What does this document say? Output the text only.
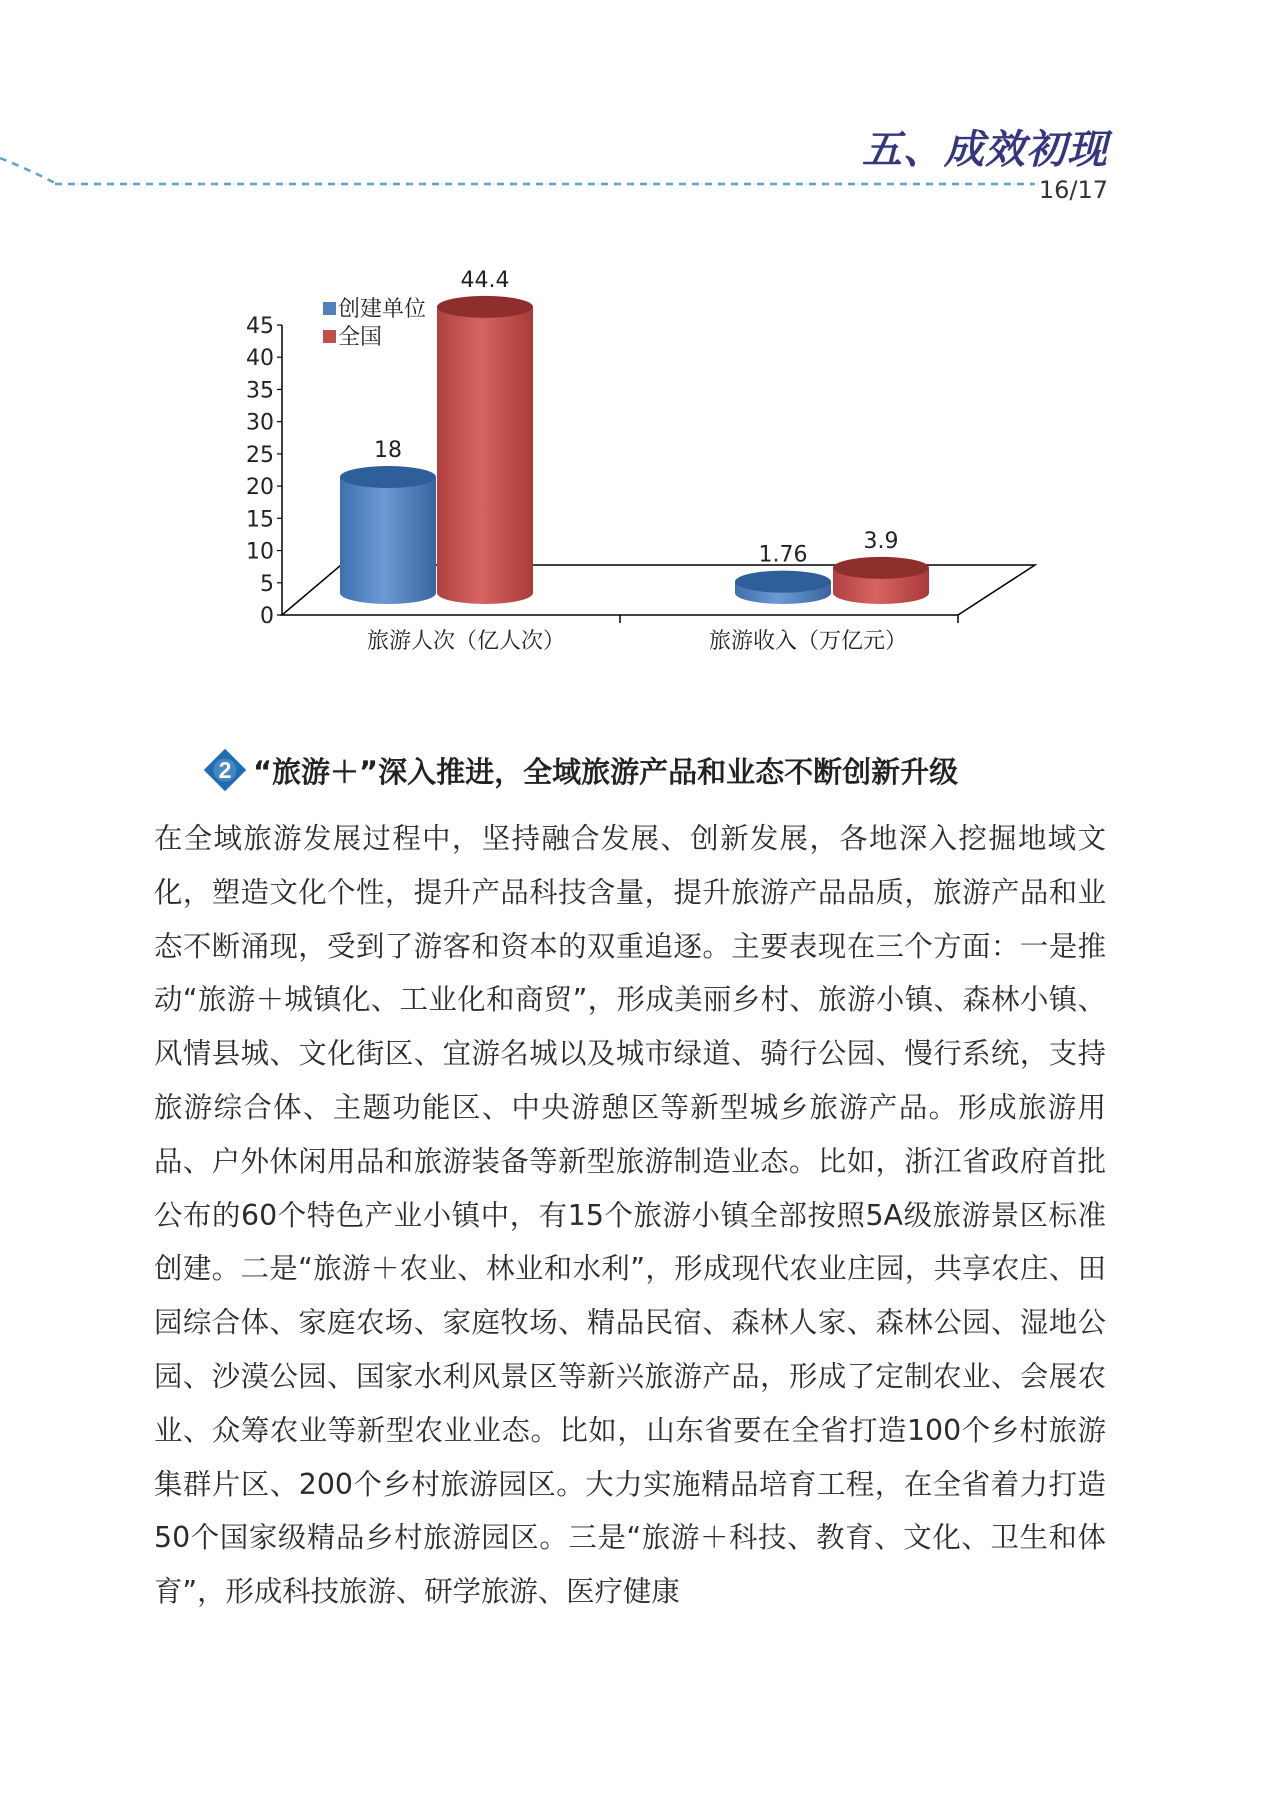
五、成效初现
16/17
0
5
10
15
20
25
30
35
40
45
旅游人次（亿人次）	旅游收入（万亿元）
18
1.76
44.4
3.9
创建单位
全国
2 “旅游＋”深入推进，全域旅游产品和业态不断创新升级

在全域旅游发展过程中，坚持融合发展、创新发展，各地深入挖掘地域文化，塑造文化个性，提升产品科技含量，提升旅游产品品质，旅游产品和业态不断涌现，受到了游客和资本的双重追逐。主要表现在三个方面：一是推动“旅游＋城镇化、工业化和商贸”，形成美丽乡村、旅游小镇、森林小镇、风情县城、文化街区、宜游名城以及城市绿道、骑行公园、慢行系统，支持旅游综合体、主题功能区、中央游憩区等新型城乡旅游产品。形成旅游用品、户外休闲用品和旅游装备等新型旅游制造业态。比如，浙江省政府首批公布的60个特色产业小镇中，有15个旅游小镇全部按照5A级旅游景区标准创建。二是“旅游＋农业、林业和水利”，形成现代农业庄园，共享农庄、田园综合体、家庭农场、家庭牧场、精品民宿、森林人家、森林公园、湿地公园、沙漠公园、国家水利风景区等新兴旅游产品，形成了定制农业、会展农业、众筹农业等新型农业业态。比如，山东省要在全省打造100个乡村旅游集群片区、200个乡村旅游园区。大力实施精品培育工程，在全省着力打造50个国家级精品乡村旅游园区。三是“旅游＋科技、教育、文化、卫生和体育”，形成科技旅游、研学旅游、医疗健康
